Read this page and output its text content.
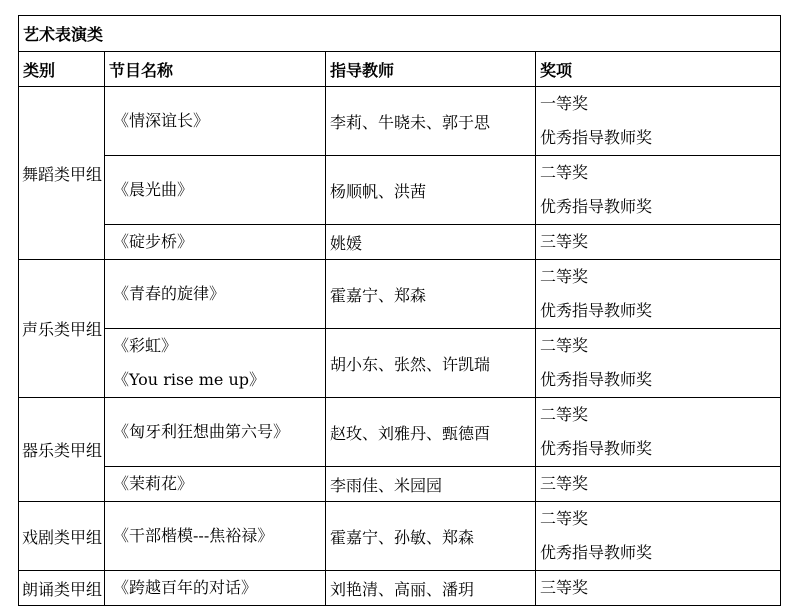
艺术表演类			
类别	节目名称	指导教师	奖项
舞蹈类甲组	《情深谊长》	李莉、牛晓未、郭于思	一等奖
优秀指导教师奖

	《晨光曲》	杨顺帆、洪茜	二等奖
优秀指导教师奖

	《碇步桥》	姚媛	三等奖

声乐类甲组	《青春的旋律》	霍嘉宁、郑森	二等奖
优秀指导教师奖

	《彩虹》
《You rise me up》	胡小东、张然、许凯瑞	二等奖
优秀指导教师奖

器乐类甲组	《匈牙利狂想曲第六号》	赵玫、刘雅丹、甄德酉	二等奖
优秀指导教师奖

	《茉莉花》	李雨佳、米园园	三等奖

戏剧类甲组	《干部楷模---焦裕禄》	霍嘉宁、孙敏、郑森	二等奖
优秀指导教师奖

朗诵类甲组	《跨越百年的对话》	刘艳清、高丽、潘玥	三等奖
